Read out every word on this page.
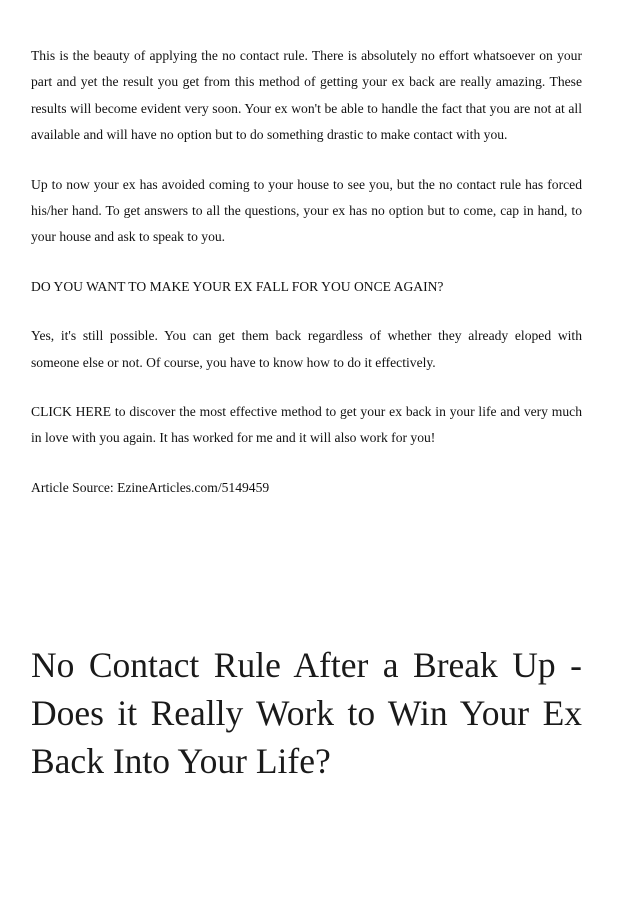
This is the beauty of applying the no contact rule. There is absolutely no effort whatsoever on your part and yet the result you get from this method of getting your ex back are really amazing. These results will become evident very soon. Your ex won't be able to handle the fact that you are not at all available and will have no option but to do something drastic to make contact with you.

Up to now your ex has avoided coming to your house to see you, but the no contact rule has forced his/her hand. To get answers to all the questions, your ex has no option but to come, cap in hand, to your house and ask to speak to you.

DO YOU WANT TO MAKE YOUR EX FALL FOR YOU ONCE AGAIN?

Yes, it's still possible. You can get them back regardless of whether they already eloped with someone else or not. Of course, you have to know how to do it effectively.

CLICK HERE to discover the most effective method to get your ex back in your life and very much in love with you again. It has worked for me and it will also work for you!

Article Source: EzineArticles.com/5149459

No Contact Rule After a Break Up - Does it Really Work to Win Your Ex Back Into Your Life?
